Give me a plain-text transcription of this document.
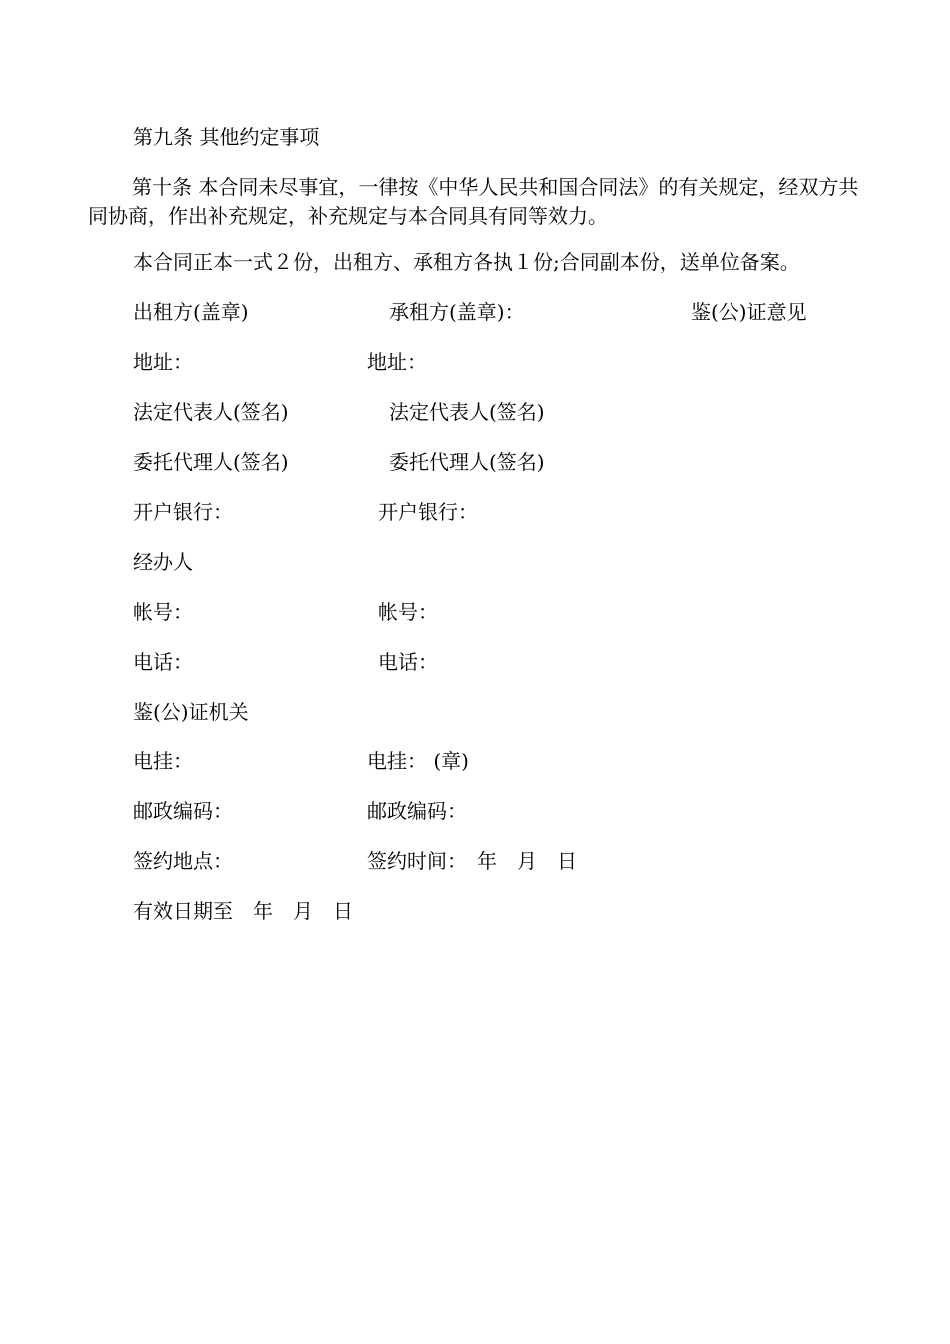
第九条 其他约定事项
第十条 本合同未尽事宜，一律按《中华人民共和国合同法》的有关规定，经双方共同协商，作出补充规定，补充规定与本合同具有同等效力。
本合同正本一式２份，出租方、承租方各执１份;合同副本份，送单位备案。
出租方(盖章)	承租方(盖章)：	鉴(公)证意见
地址：	地址：
法定代表人(签名)	法定代表人(签名)
委托代理人(签名)	委托代理人(签名)
开户银行：	开户银行：
经办人
帐号：	帐号：
电话：	电话：
鉴(公)证机关
电挂：	电挂： (章)
邮政编码：	邮政编码：
签约地点：	签约时间：　年　月　日
有效日期至　年　月　日
